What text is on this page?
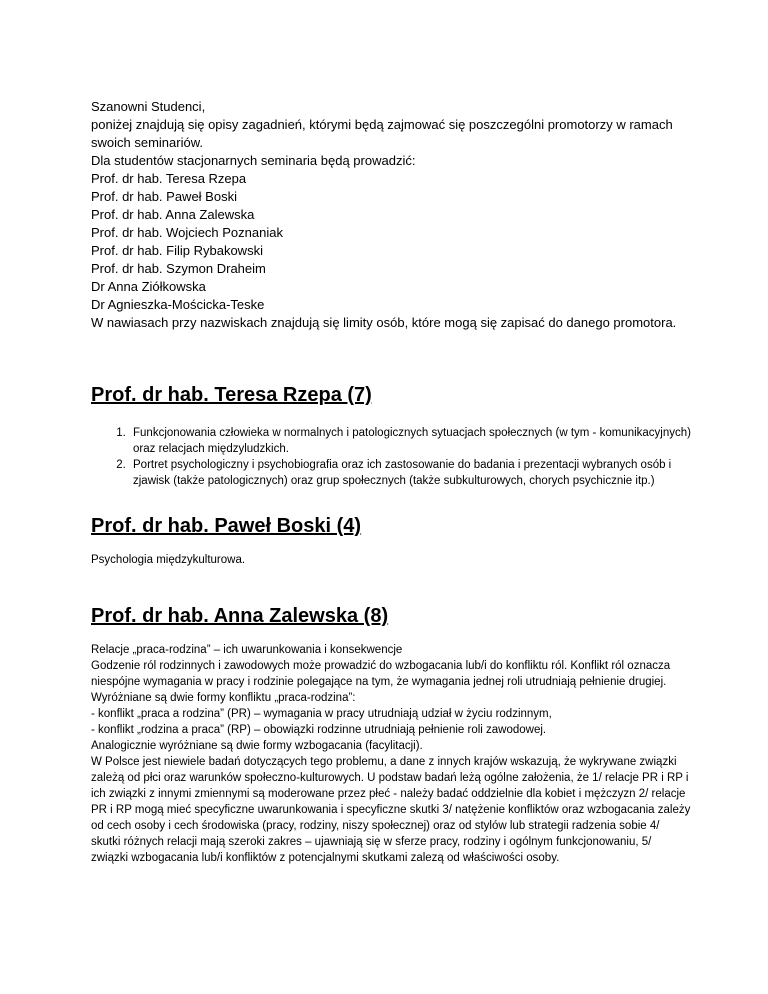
Szanowni Studenci,

poniżej znajdują się opisy zagadnień, którymi będą zajmować się poszczególni promotorzy w ramach swoich seminariów.

Dla studentów stacjonarnych seminaria będą prowadzić:

Prof. dr hab. Teresa Rzepa

Prof. dr hab. Paweł Boski

Prof. dr hab. Anna Zalewska

Prof. dr hab. Wojciech Poznaniak

Prof. dr hab. Filip Rybakowski

Prof. dr hab. Szymon Draheim

Dr Anna Ziółkowska

Dr Agnieszka-Mościcka-Teske

W nawiasach przy nazwiskach znajdują się limity osób, które mogą się zapisać do danego promotora.

Prof. dr hab. Teresa Rzepa (7)
1. Funkcjonowania człowieka w normalnych i patologicznych sytuacjach społecznych (w tym - komunikacyjnych) oraz relacjach międzyludzkich.
2. Portret psychologiczny i psychobiografia oraz ich zastosowanie do badania i prezentacji wybranych osób i zjawisk (także patologicznych) oraz grup społecznych (także subkulturowych, chorych psychicznie itp.)
Prof. dr hab. Paweł Boski (4)

Psychologia międzykulturowa.

Prof. dr hab. Anna Zalewska (8)

Relacje „praca-rodzina” – ich uwarunkowania i konsekwencje

Godzenie ról rodzinnych i zawodowych może prowadzić do wzbogacania lub/i do konfliktu ról. Konflikt ról oznacza niespójne wymagania w pracy i rodzinie polegające na tym, że wymagania jednej roli utrudniają pełnienie drugiej. Wyróżniane są dwie formy konfliktu „praca-rodzina”:

- konflikt „praca a rodzina” (PR) – wymagania w pracy utrudniają udział w życiu rodzinnym,

- konflikt „rodzina a praca” (RP) – obowiązki rodzinne utrudniają pełnienie roli zawodowej.

Analogicznie wyróżniane są dwie formy wzbogacania (facylitacji).

W Polsce jest niewiele badań dotyczących tego problemu, a dane z innych krajów wskazują, że wykrywane związki zależą od płci oraz warunków społeczno-kulturowych. U podstaw badań leżą ogólne założenia, że 1/ relacje PR i RP i ich związki z innymi zmiennymi są moderowane przez płeć - należy badać oddzielnie dla kobiet i mężczyzn 2/ relacje PR i RP mogą mieć specyficzne uwarunkowania i specyficzne skutki 3/ natężenie konfliktów oraz wzbogacania zależy od cech osoby i cech środowiska (pracy, rodziny, niszy społecznej) oraz od stylów lub strategii radzenia sobie 4/ skutki różnych relacji mają szeroki zakres – ujawniają się w sferze pracy, rodziny i ogólnym funkcjonowaniu, 5/ związki wzbogacania lub/i konfliktów z potencjalnymi skutkami zalezą od właściwości osoby.
